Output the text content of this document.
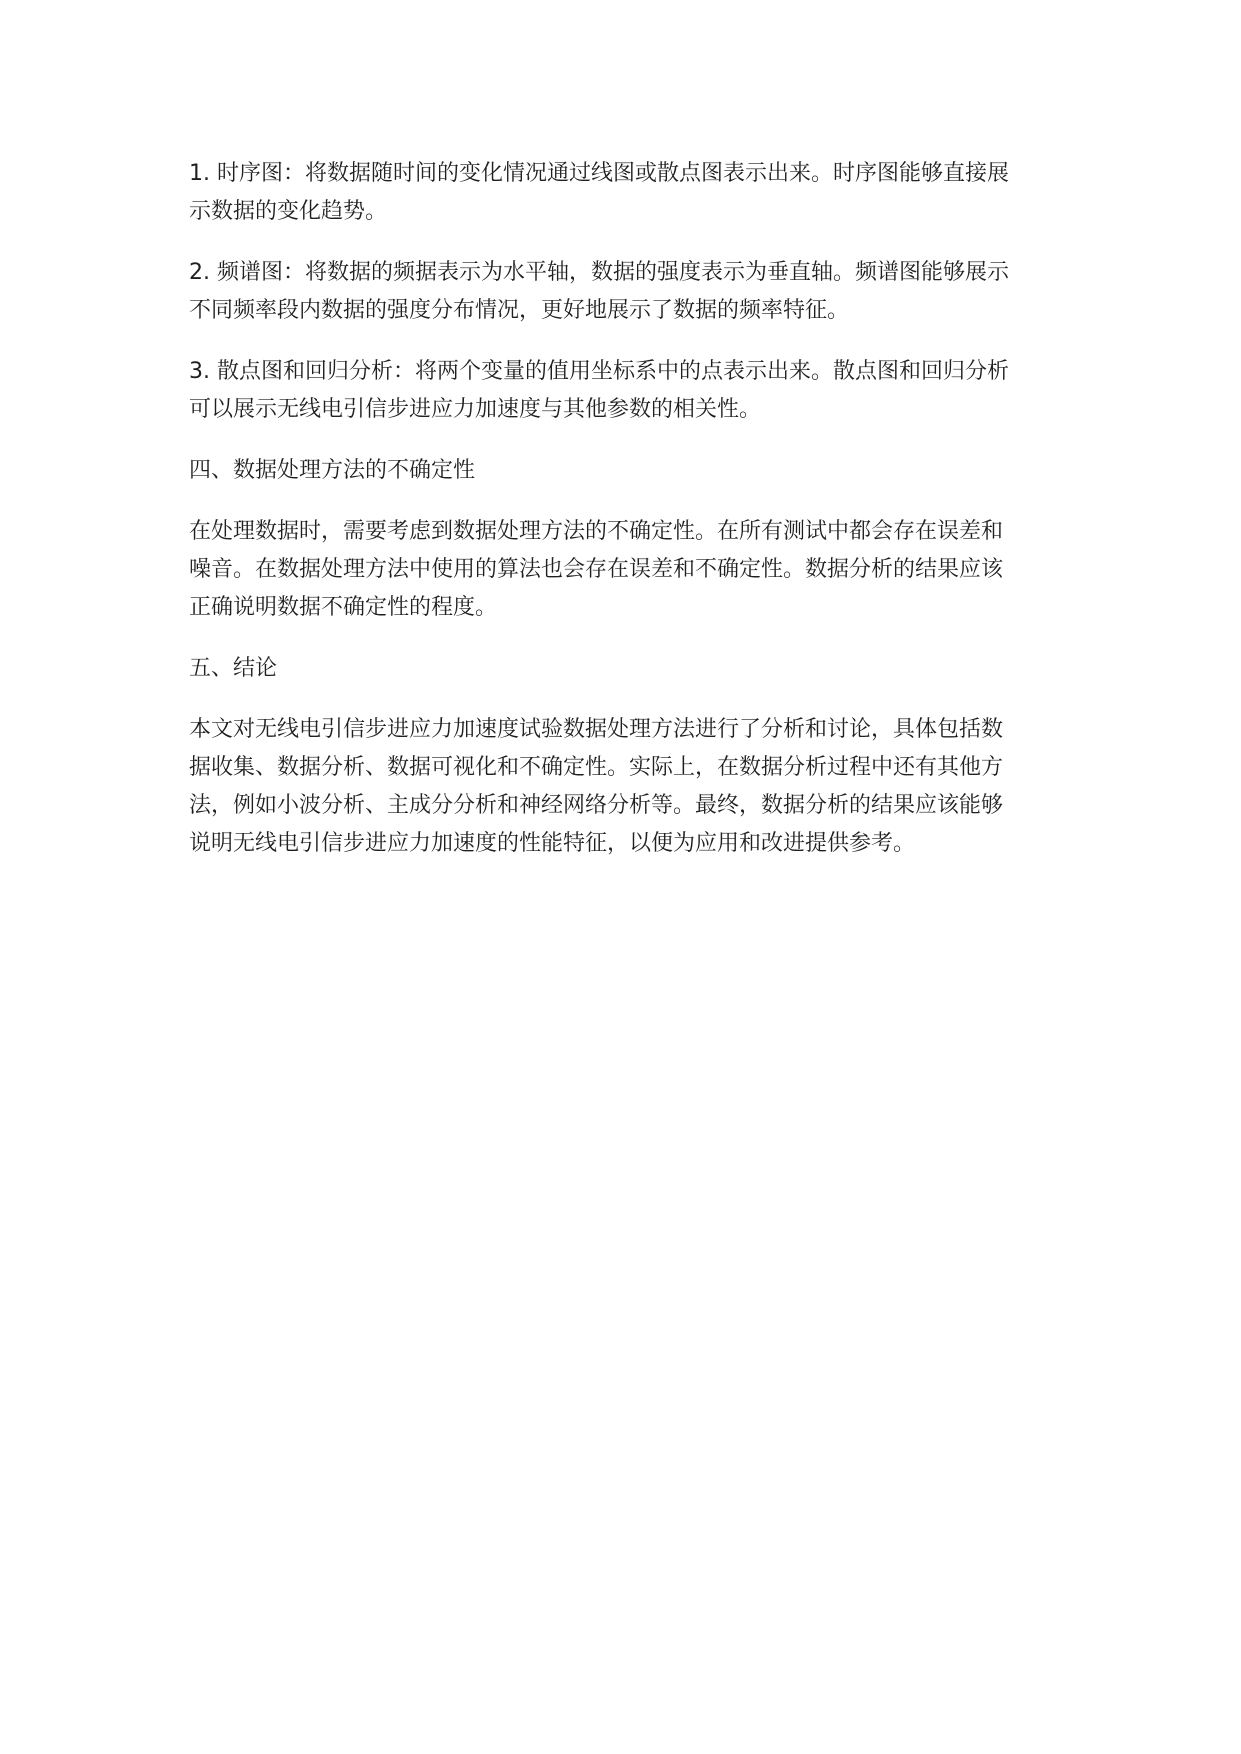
1. 时序图：将数据随时间的变化情况通过线图或散点图表示出来。时序图能够直接展
示数据的变化趋势。

2. 频谱图：将数据的频据表示为水平轴，数据的强度表示为垂直轴。频谱图能够展示
不同频率段内数据的强度分布情况，更好地展示了数据的频率特征。

3. 散点图和回归分析：将两个变量的值用坐标系中的点表示出来。散点图和回归分析
可以展示无线电引信步进应力加速度与其他参数的相关性。

四、数据处理方法的不确定性

在处理数据时，需要考虑到数据处理方法的不确定性。在所有测试中都会存在误差和
噪音。在数据处理方法中使用的算法也会存在误差和不确定性。数据分析的结果应该
正确说明数据不确定性的程度。

五、结论

本文对无线电引信步进应力加速度试验数据处理方法进行了分析和讨论，具体包括数
据收集、数据分析、数据可视化和不确定性。实际上，在数据分析过程中还有其他方
法，例如小波分析、主成分分析和神经网络分析等。最终，数据分析的结果应该能够
说明无线电引信步进应力加速度的性能特征，以便为应用和改进提供参考。
